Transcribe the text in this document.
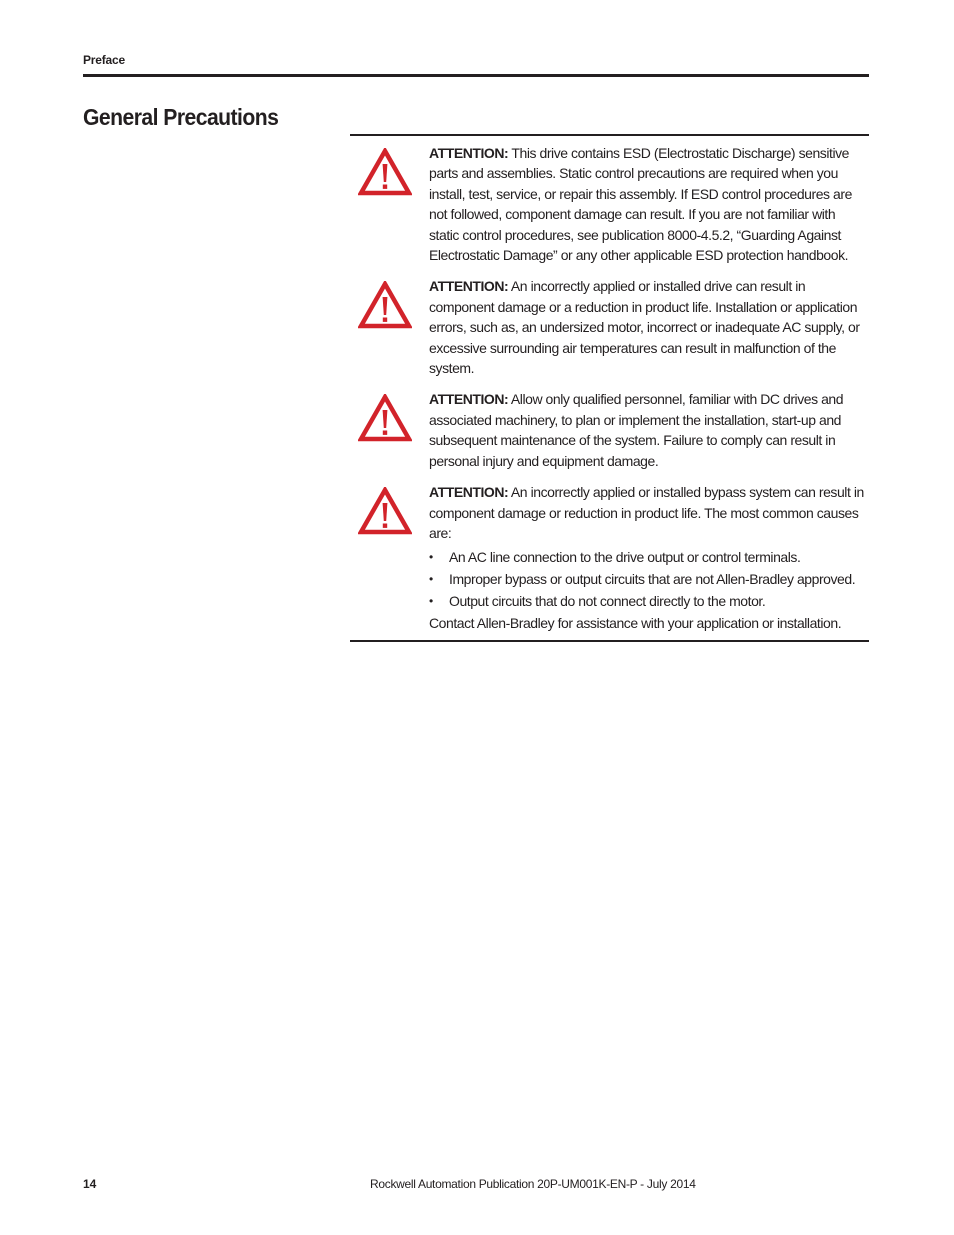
Preface
General Precautions
ATTENTION: This drive contains ESD (Electrostatic Discharge) sensitive parts and assemblies. Static control precautions are required when you install, test, service, or repair this assembly. If ESD control procedures are not followed, component damage can result. If you are not familiar with static control procedures, see publication 8000-4.5.2, “Guarding Against Electrostatic Damage” or any other applicable ESD protection handbook.
ATTENTION: An incorrectly applied or installed drive can result in component damage or a reduction in product life. Installation or application errors, such as, an undersized motor, incorrect or inadequate AC supply, or excessive surrounding air temperatures can result in malfunction of the system.
ATTENTION: Allow only qualified personnel, familiar with DC drives and associated machinery, to plan or implement the installation, start-up and subsequent maintenance of the system. Failure to comply can result in personal injury and equipment damage.
ATTENTION: An incorrectly applied or installed bypass system can result in component damage or reduction in product life. The most common causes are:
• An AC line connection to the drive output or control terminals.
• Improper bypass or output circuits that are not Allen-Bradley approved.
• Output circuits that do not connect directly to the motor.
Contact Allen-Bradley for assistance with your application or installation.
14	Rockwell Automation Publication 20P-UM001K-EN-P - July 2014
